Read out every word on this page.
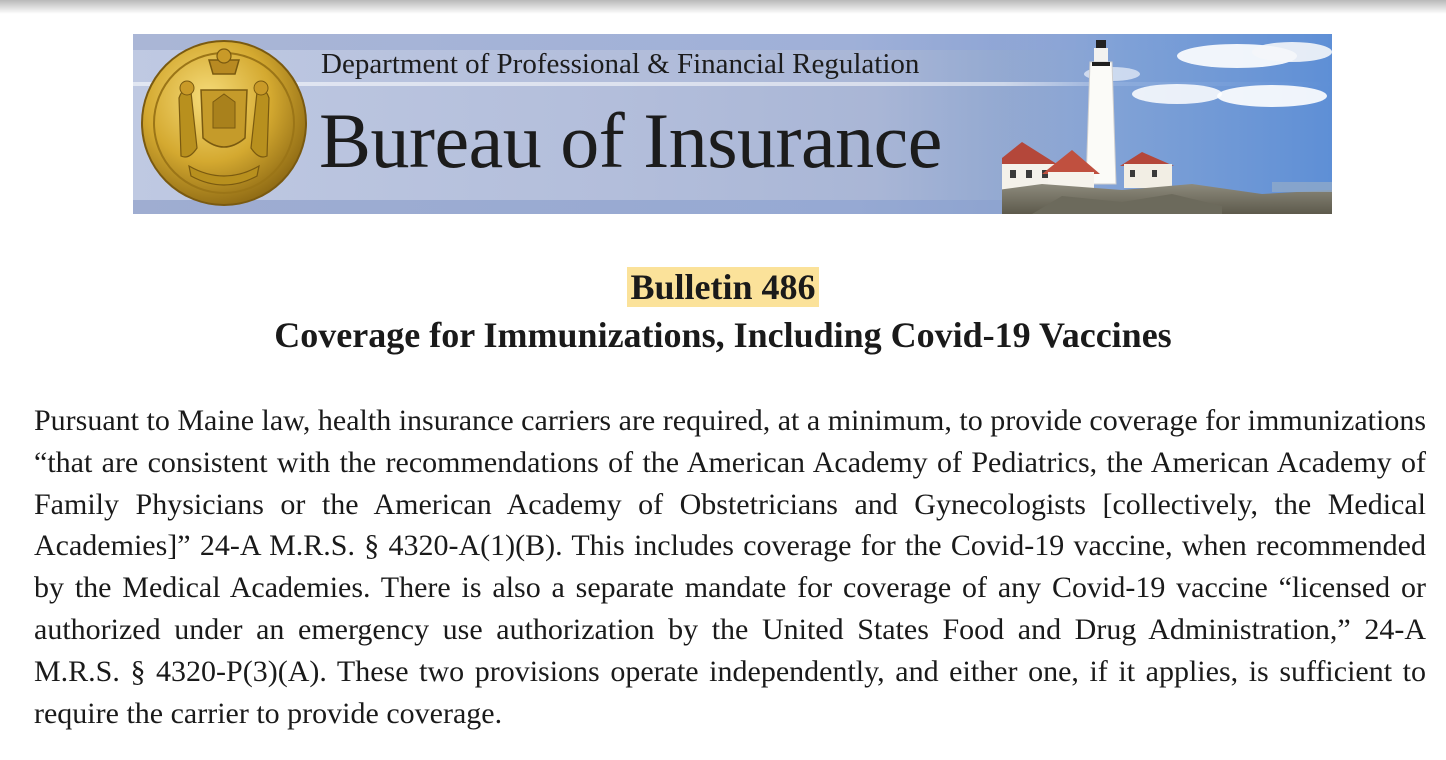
Department of Professional & Financial Regulation
Bureau of Insurance
Bulletin 486
Coverage for Immunizations, Including Covid-19 Vaccines

Pursuant to Maine law, health insurance carriers are required, at a minimum, to provide coverage for immunizations “that are consistent with the recommendations of the American Academy of Pediatrics, the American Academy of Family Physicians or the American Academy of Obstetricians and Gynecologists [collectively, the Medical Academies]” 24-A M.R.S. § 4320-A(1)(B). This includes coverage for the Covid-19 vaccine, when recommended by the Medical Academies. There is also a separate mandate for coverage of any Covid-19 vaccine “licensed or authorized under an emergency use authorization by the United States Food and Drug Administration,” 24-A M.R.S. § 4320-P(3)(A). These two provisions operate independently, and either one, if it applies, is sufficient to require the carrier to provide coverage.
